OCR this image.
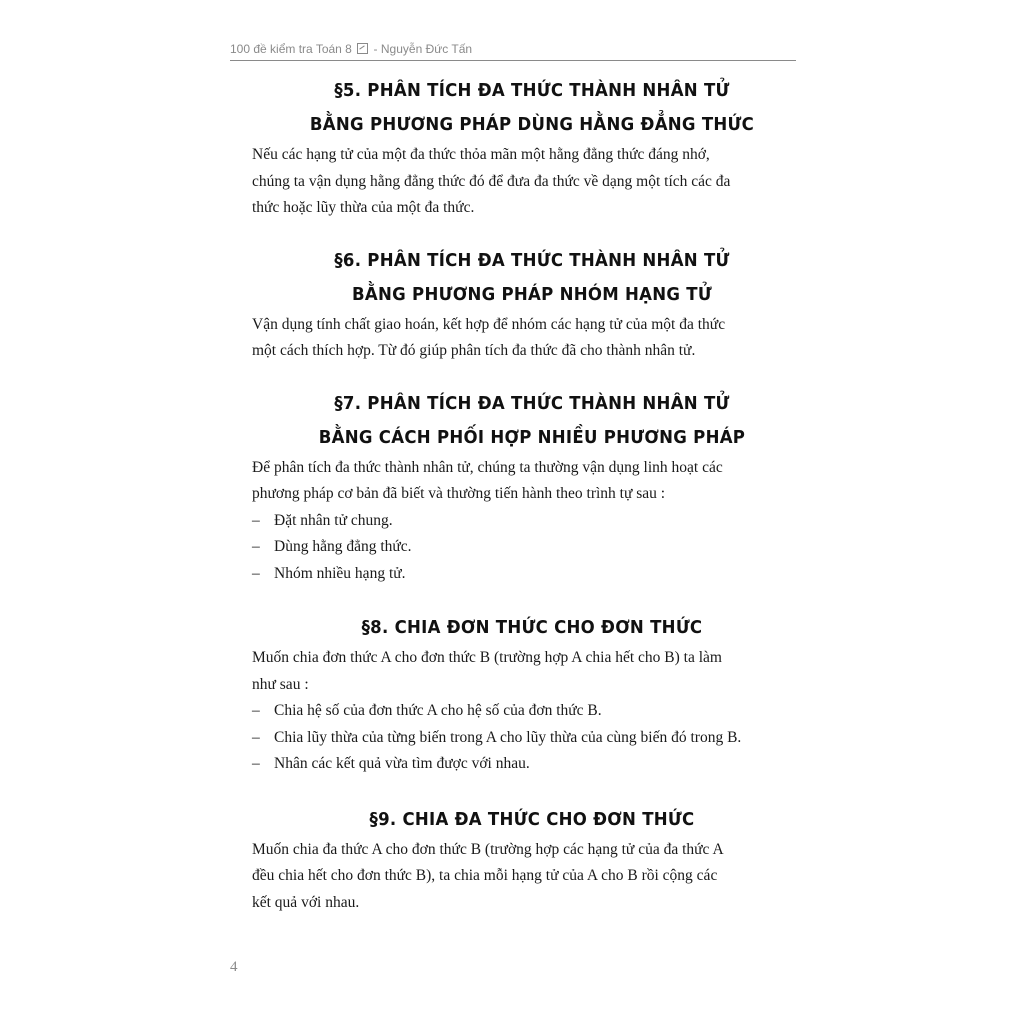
100 đề kiểm tra Toán 8 - Nguyễn Đức Tấn
§5. PHÂN TÍCH ĐA THỨC THÀNH NHÂN TỬ
BẰNG PHƯƠNG PHÁP DÙNG HẰNG ĐẲNG THỨC

Nếu các hạng tử của một đa thức thỏa mãn một hằng đẳng thức đáng nhớ,

chúng ta vận dụng hằng đẳng thức đó để đưa đa thức về dạng một tích các đa

thức hoặc lũy thừa của một đa thức.

§6. PHÂN TÍCH ĐA THỨC THÀNH NHÂN TỬ
BẰNG PHƯƠNG PHÁP NHÓM HẠNG TỬ

Vận dụng tính chất giao hoán, kết hợp để nhóm các hạng tử của một đa thức

một cách thích hợp. Từ đó giúp phân tích đa thức đã cho thành nhân tử.

§7. PHÂN TÍCH ĐA THỨC THÀNH NHÂN TỬ
BẰNG CÁCH PHỐI HỢP NHIỀU PHƯƠNG PHÁP

Để phân tích đa thức thành nhân tử, chúng ta thường vận dụng linh hoạt các

phương pháp cơ bản đã biết và thường tiến hành theo trình tự sau :

– Đặt nhân tử chung.
– Dùng hằng đẳng thức.
– Nhóm nhiều hạng tử.
§8. CHIA ĐƠN THỨC CHO ĐƠN THỨC

Muốn chia đơn thức A cho đơn thức B (trường hợp A chia hết cho B) ta làm

như sau :

– Chia hệ số của đơn thức A cho hệ số của đơn thức B.
– Chia lũy thừa của từng biến trong A cho lũy thừa của cùng biến đó trong B.
– Nhân các kết quả vừa tìm được với nhau.
§9. CHIA ĐA THỨC CHO ĐƠN THỨC

Muốn chia đa thức A cho đơn thức B (trường hợp các hạng tử của đa thức A

đều chia hết cho đơn thức B), ta chia mỗi hạng tử của A cho B rồi cộng các

kết quả với nhau.

4
